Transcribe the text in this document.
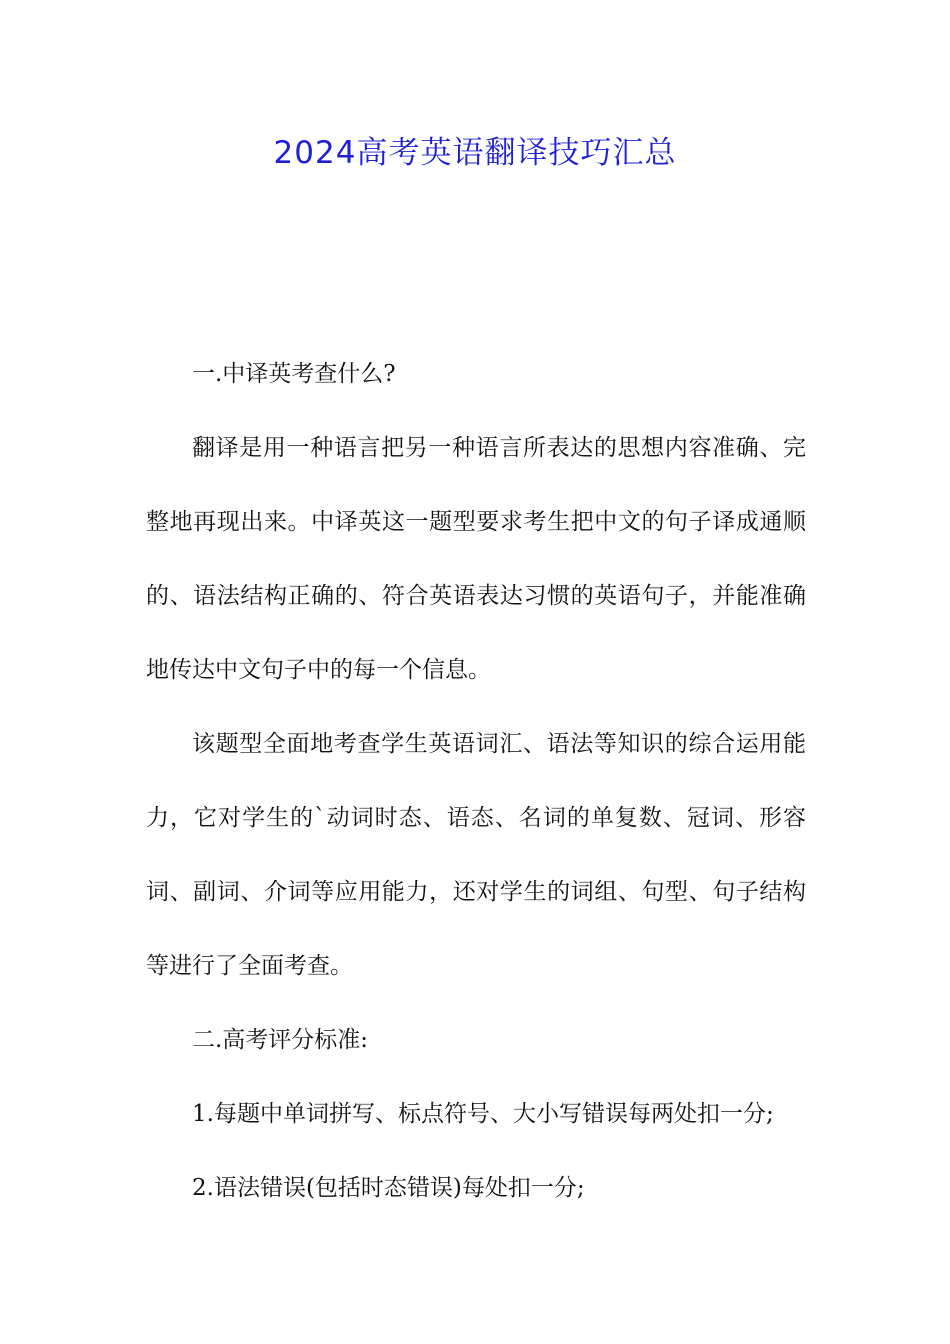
2024高考英语翻译技巧汇总

一.中译英考查什么?

翻译是用一种语言把另一种语言所表达的思想内容准确、完整地再现出来。中译英这一题型要求考生把中文的句子译成通顺的、语法结构正确的、符合英语表达习惯的英语句子，并能准确地传达中文句子中的每一个信息。

该题型全面地考查学生英语词汇、语法等知识的综合运用能力，它对学生的`动词时态、语态、名词的单复数、冠词、形容词、副词、介词等应用能力，还对学生的词组、句型、句子结构等进行了全面考查。

二.高考评分标准:

1.每题中单词拼写、标点符号、大小写错误每两处扣一分;

2.语法错误(包括时态错误)每处扣一分;
